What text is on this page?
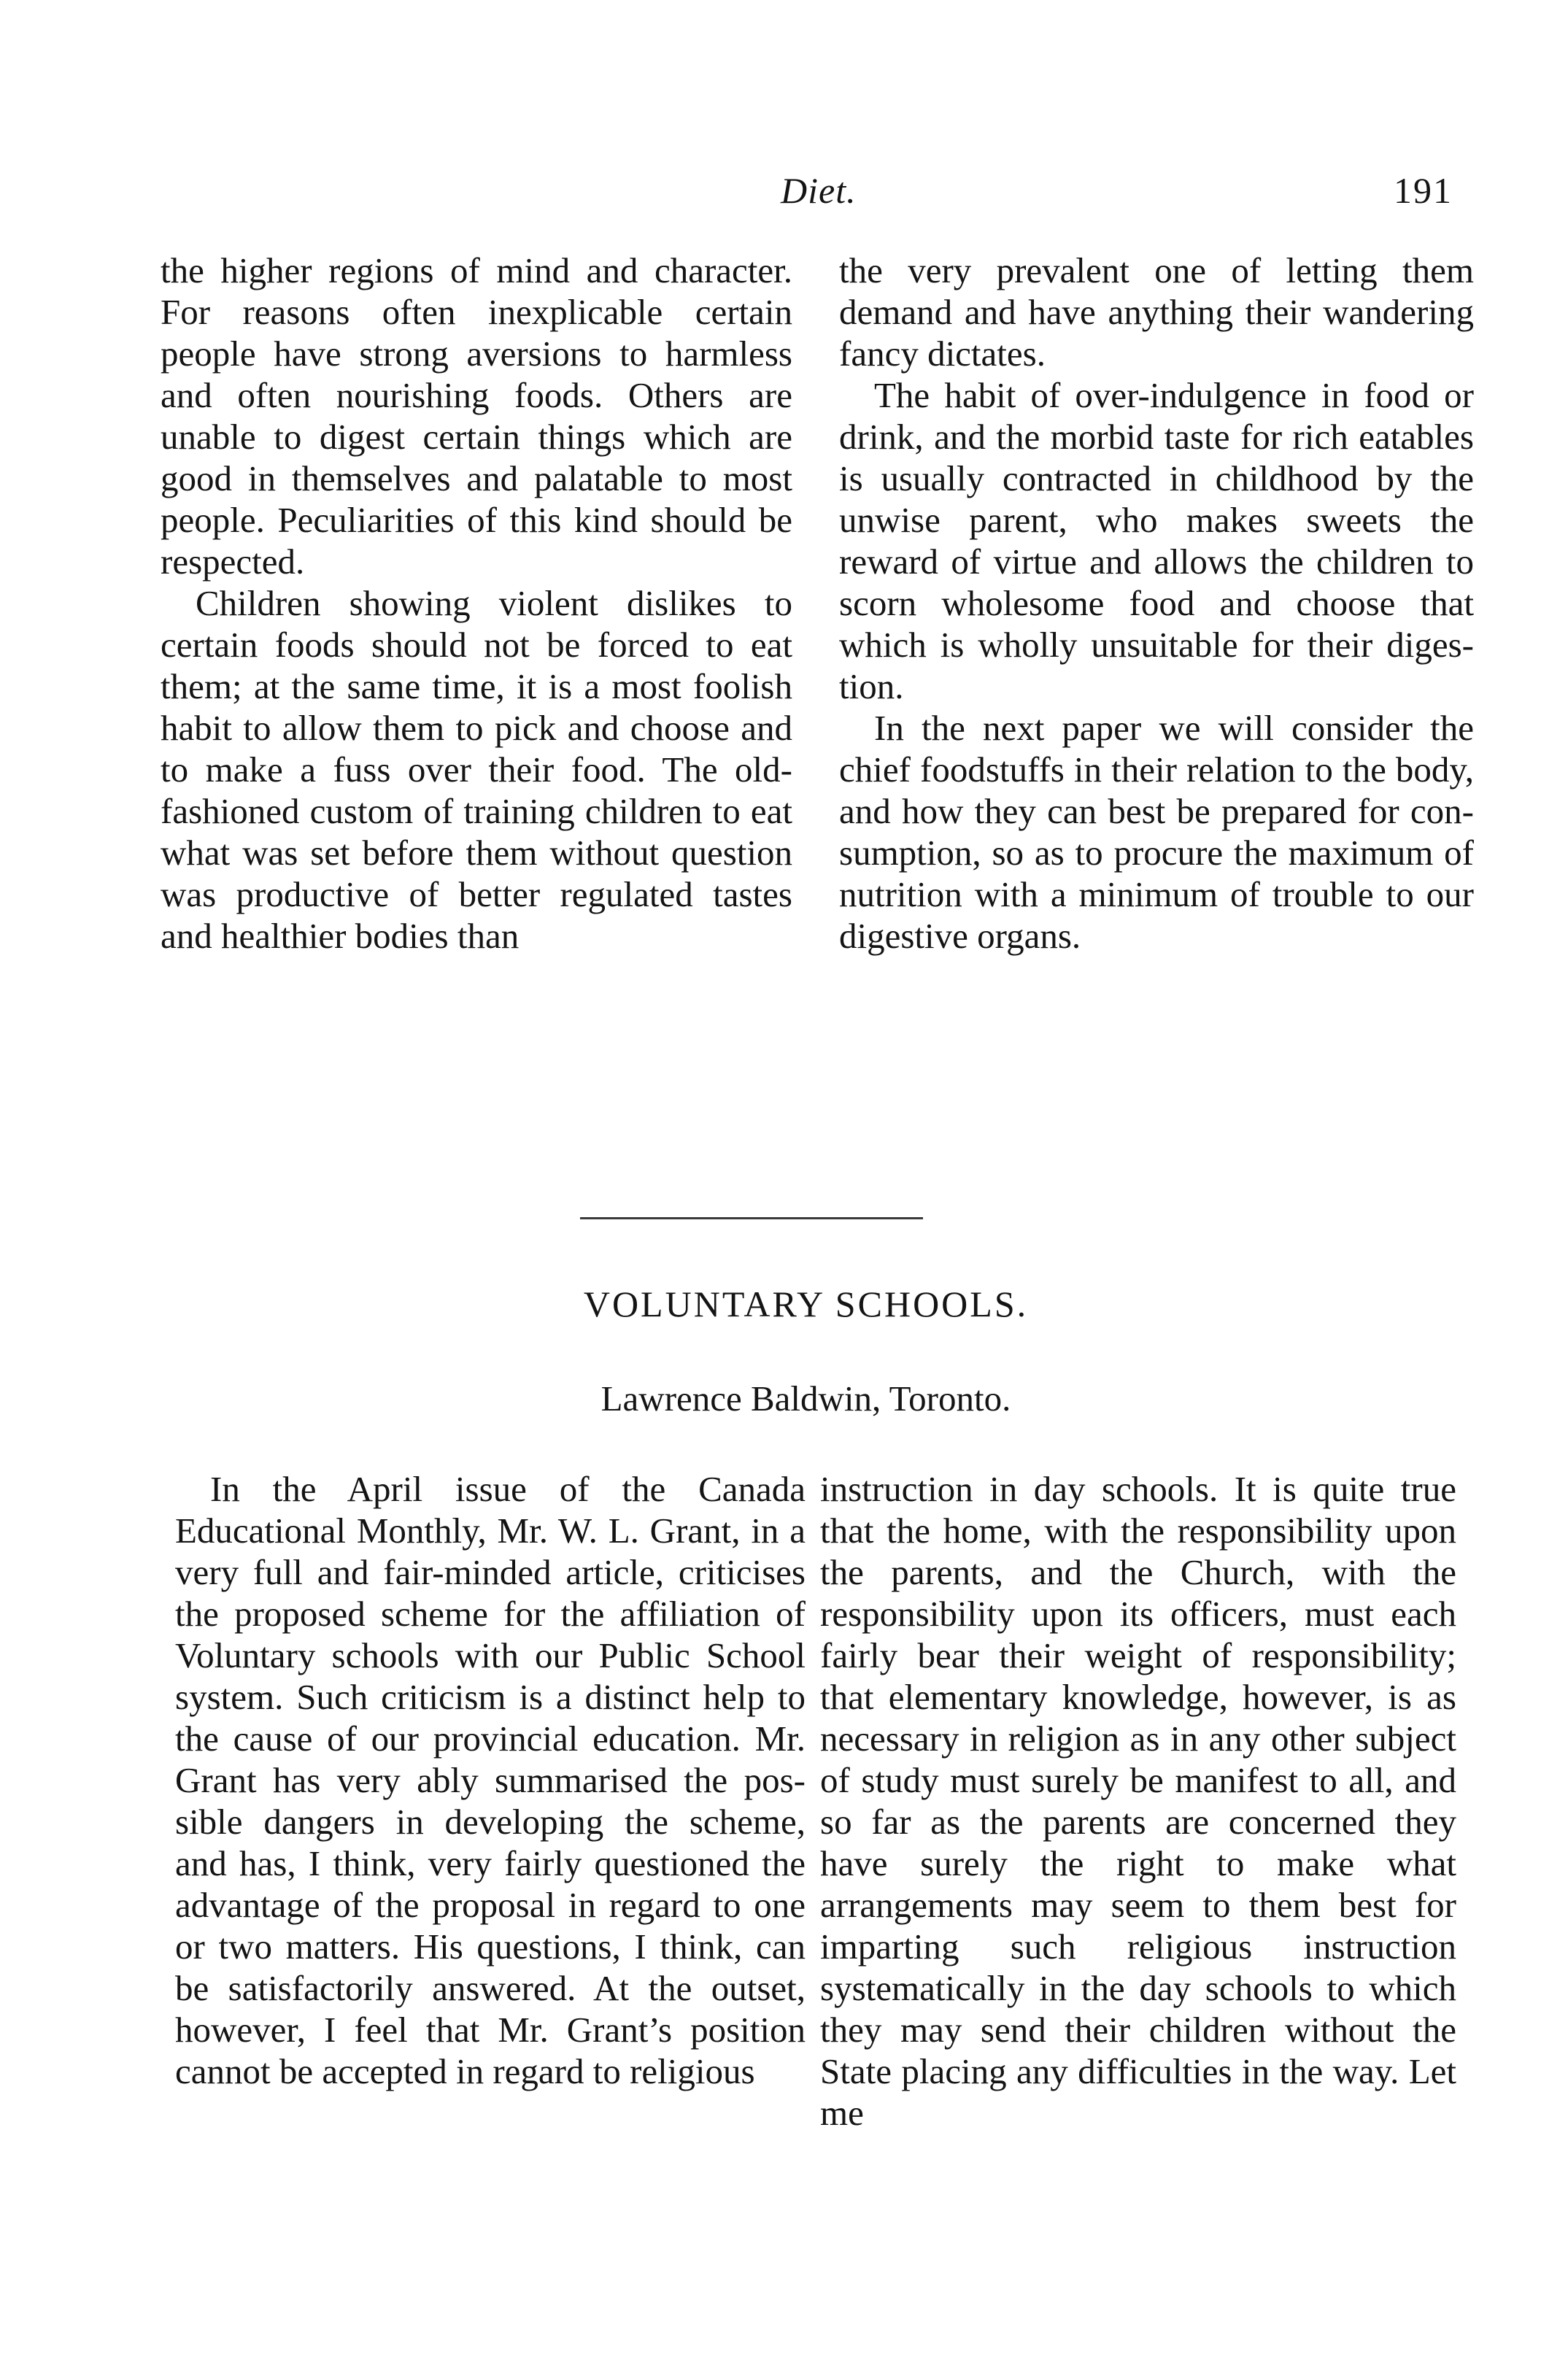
Diet.	191

the higher regions of mind and character. For reasons often inexplicable certain people have strong aversions to harmless and often nourishing foods. Others are unable to digest certain things which are good in themselves and palatable to most people. Peculiarities of this kind should be respected.

Children showing violent dislikes to certain foods should not be forced to eat them; at the same time, it is a most foolish habit to allow them to pick and choose and to make a fuss over their food. The old-fashioned custom of training children to eat what was set before them without question was productive of better regulated tastes and healthier bodies than

the very prevalent one of letting them demand and have anything their wandering fancy dictates.

The habit of over-indulgence in food or drink, and the morbid taste for rich eatables is usually contracted in childhood by the unwise parent, who makes sweets the reward of virtue and allows the children to scorn wholesome food and choose that which is wholly unsuitable for their digestion.

In the next paper we will consider the chief foodstuffs in their relation to the body, and how they can best be prepared for consumption, so as to procure the maximum of nutrition with a minimum of trouble to our digestive organs.

VOLUNTARY SCHOOLS.
Lawrence Baldwin, Toronto.

In the April issue of the Canada Educational Monthly, Mr. W. L. Grant, in a very full and fair-minded article, criticises the proposed scheme for the affiliation of Voluntary schools with our Public School system. Such criticism is a distinct help to the cause of our provincial education. Mr. Grant has very ably summarised the possible dangers in developing the scheme, and has, I think, very fairly questioned the advantage of the proposal in regard to one or two matters. His questions, I think, can be satisfactorily answered. At the outset, however, I feel that Mr. Grant’s position cannot be accepted in regard to religious

instruction in day schools. It is quite true that the home, with the responsibility upon the parents, and the Church, with the responsibility upon its officers, must each fairly bear their weight of responsibility; that elementary knowledge, however, is as necessary in religion as in any other subject of study must surely be manifest to all, and so far as the parents are concerned they have surely the right to make what arrangements may seem to them best for imparting such religious instruction systematically in the day schools to which they may send their children without the State placing any difficulties in the way. Let me
